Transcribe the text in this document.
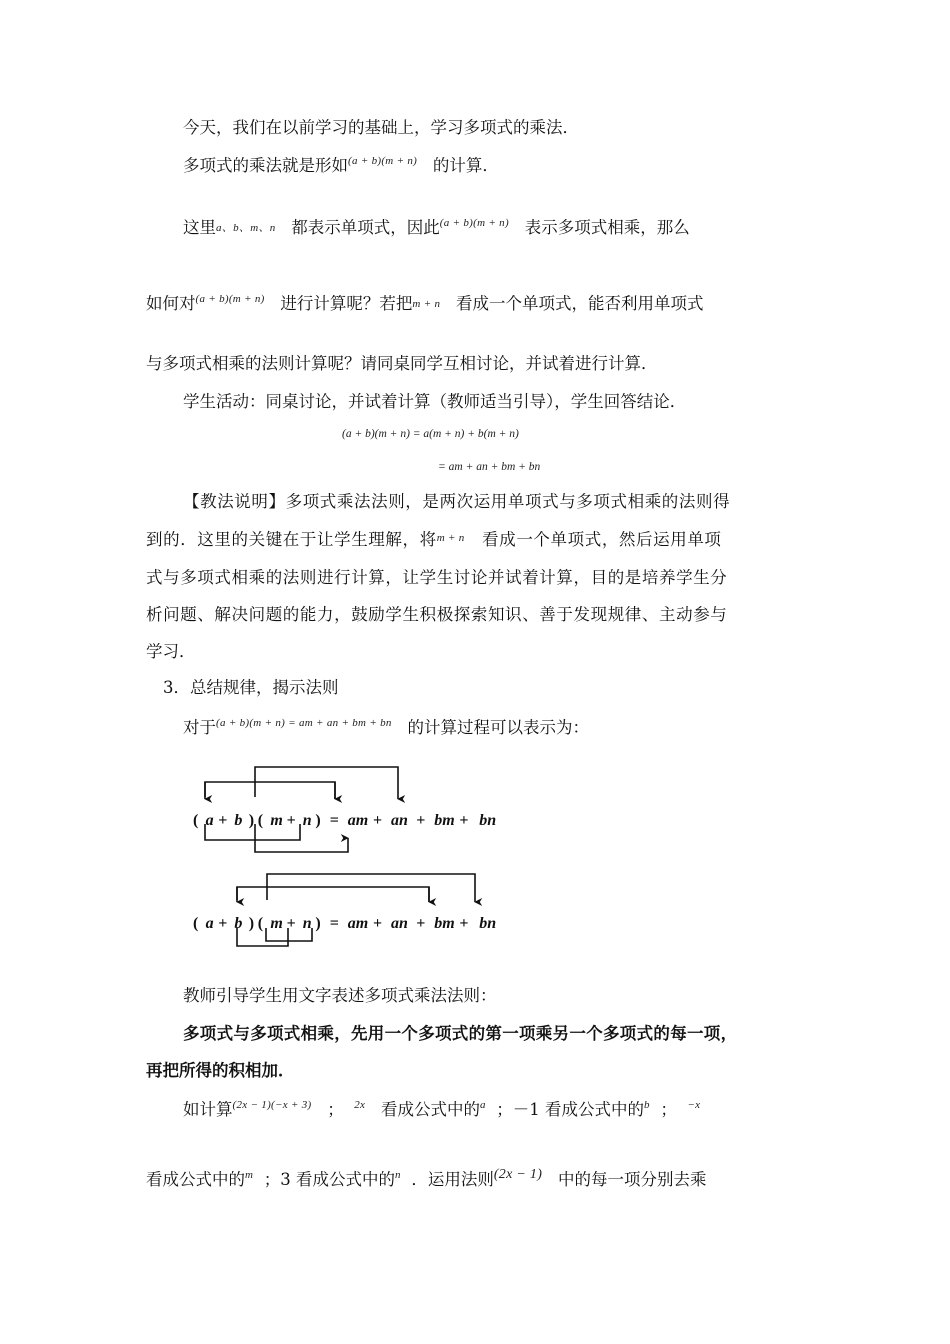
今天，我们在以前学习的基础上，学习多项式的乘法．
多项式的乘法就是形如$^{(a + b)(m + n)}$ 的计算．
这里a、b、m、n 都表示单项式，因此$^{(a + b)(m + n)}$ 表示多项式相乘，那么
如何对$^{(a + b)(m + n)}$ 进行计算呢？若把m + n 看成一个单项式，能否利用单项式
与多项式相乘的法则计算呢？请同桌同学互相讨论，并试着进行计算．
学生活动：同桌讨论，并试着计算（教师适当引导），学生回答结论．
(a + b)(m + n) = a(m + n) + b(m + n)
= am + an + bm + bn
【教法说明】多项式乘法法则，是两次运用单项式与多项式相乘的法则得
到的．这里的关键在于让学生理解，将$^{m + n}$ 看成一个单项式，然后运用单项
式与多项式相乘的法则进行计算，让学生讨论并试着计算，目的是培养学生分
析问题、解决问题的能力，鼓励学生积极探索知识、善于发现规律、主动参与
学习．
3．总结规律，揭示法则
对于$^{(a + b)(m + n) = am + an + bm + bn}$ 的计算过程可以表示为：
( a + b ) ( m + n ) = am + an + bm + bn
( a + b ) ( m + n ) = am + an + bm + bn
教师引导学生用文字表述多项式乘法法则：
多项式与多项式相乘，先用一个多项式的第一项乘另一个多项式的每一项，
再把所得的积相加．
如计算$^{(2x - 1)(-x + 3)}$ ； $^{2x}$ 看成公式中的$^a$ ；－1 看成公式中的$^b$ ； $^{-x}$
看成公式中的$^m$ ；3 看成公式中的$^n$ ．运用法则$^{(2x - 1)}$ 中的每一项分别去乘
